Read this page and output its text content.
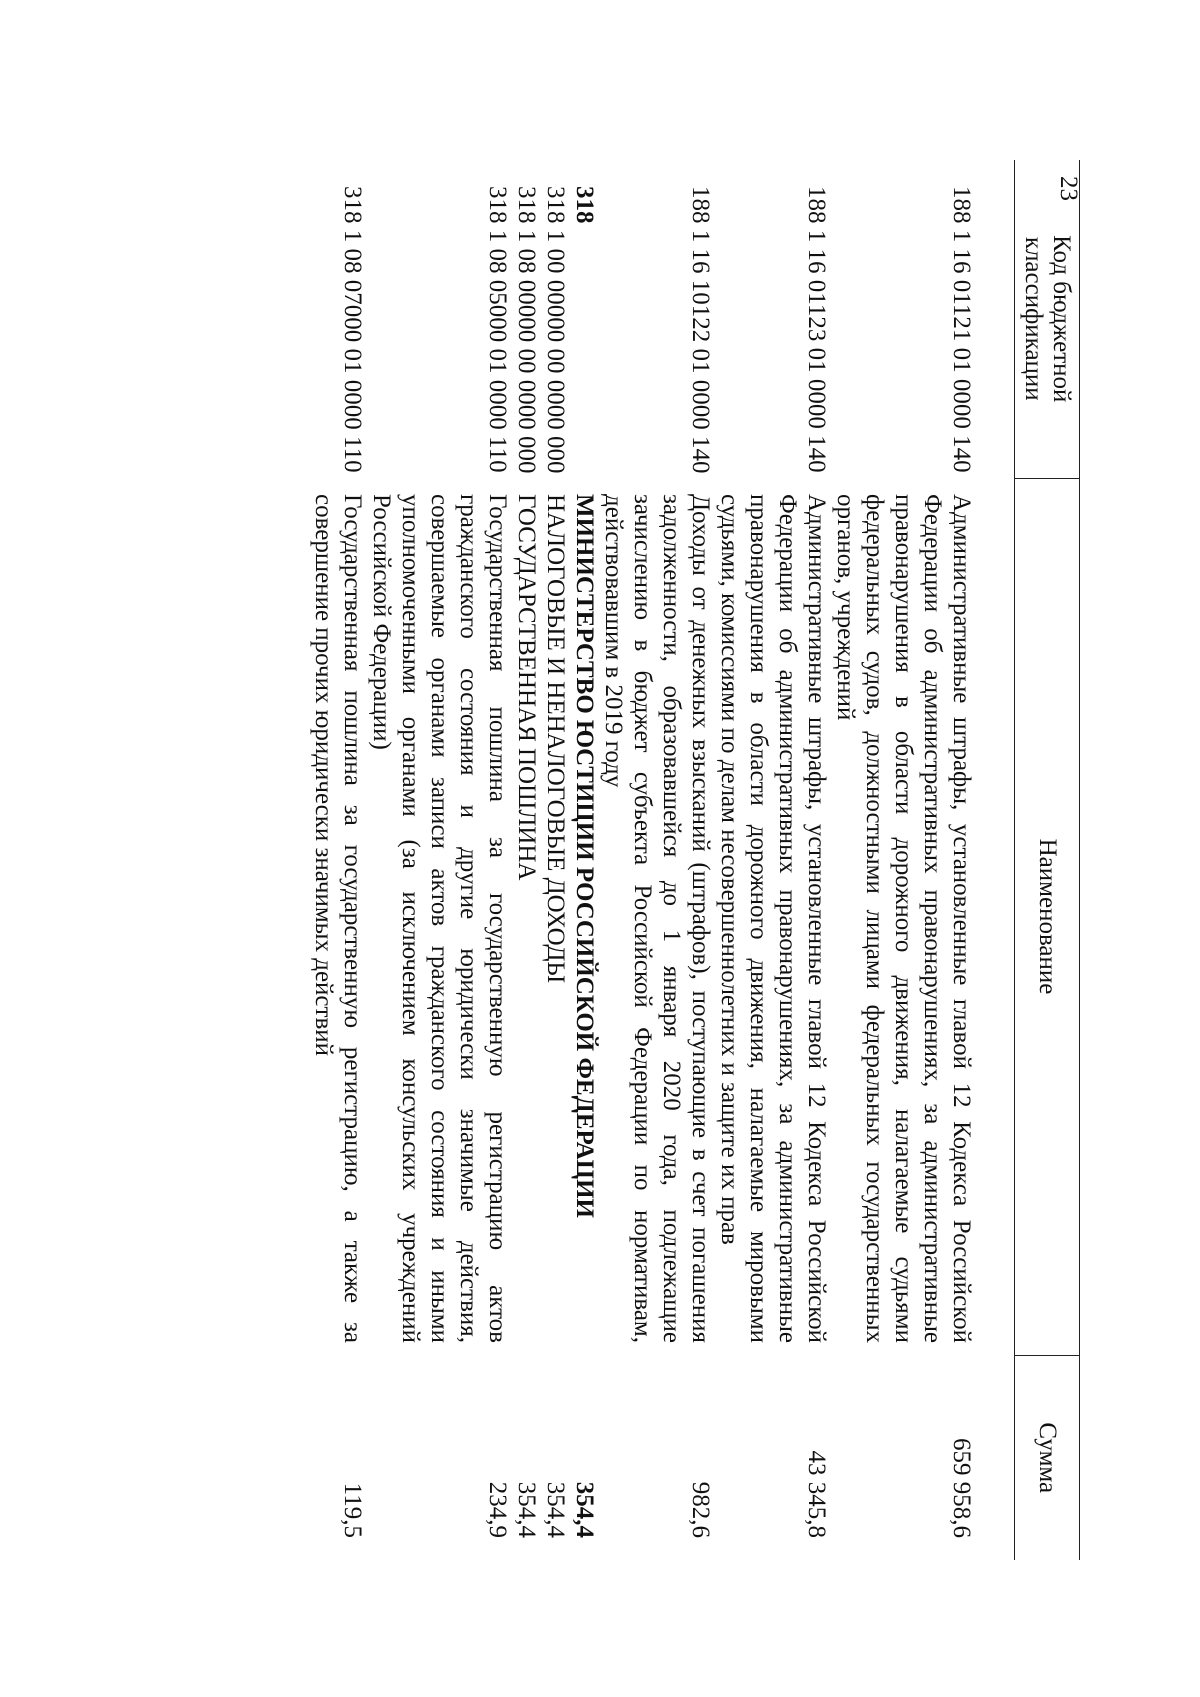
23
Код бюджетной классификации	Наименование	Сумма
188 1 16 01121 01 0000 140	Административные штрафы, установленные главой 12 Кодекса Российской Федерации об административных правонарушениях, за административные правонарушения в области дорожного движения, налагаемые судьями федеральных судов, должностными лицами федеральных государственных органов, учреждений	659 958,6
188 1 16 01123 01 0000 140	Административные штрафы, установленные главой 12 Кодекса Российской Федерации об административных правонарушениях, за административные правонарушения в области дорожного движения, налагаемые мировыми судьями, комиссиями по делам несовершеннолетних и защите их прав	43 345,8
188 1 16 10122 01 0000 140	Доходы от денежных взысканий (штрафов), поступающие в счет погашения задолженности, образовавшейся до 1 января 2020 года, подлежащие зачислению в бюджет субъекта Российской Федерации по нормативам, действовавшим в 2019 году	982,6
318	МИНИСТЕРСТВО ЮСТИЦИИ РОССИЙСКОЙ ФЕДЕРАЦИИ	354,4
318 1 00 00000 00 0000 000	НАЛОГОВЫЕ И НЕНАЛОГОВЫЕ ДОХОДЫ	354,4
318 1 08 00000 00 0000 000	ГОСУДАРСТВЕННАЯ ПОШЛИНА	354,4
318 1 08 05000 01 0000 110	Государственная пошлина за государственную регистрацию актов гражданского состояния и другие юридически значимые действия, совершаемые органами записи актов гражданского состояния и иными уполномоченными органами (за исключением консульских учреждений Российской Федерации)	234,9
318 1 08 07000 01 0000 110	Государственная пошлина за государственную регистрацию, а также за совершение прочих юридически значимых действий	119,5
